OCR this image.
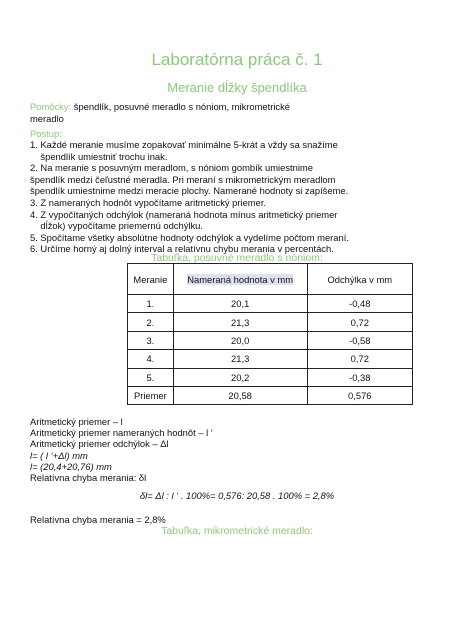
Laboratórna práca č. 1
Meranie dĺžky špendlíka
Pomôcky: špendlík, posuvné meradlo s nóniom, mikrometrické
meradlo
Postup:
1. Každé meranie musíme zopakovať minimálne 5-krát a vždy sa snažíme
špendlík umiestniť trochu inak.
2. Na meranie s posuvným meradlom, s nóniom gombík umiestnime
špendlík medzi čeľustné meradla. Pri meraní s mikrometrickým meradlom
špendlík umiestnime medzi meracie plochy. Namerané hodnoty si zapíšeme.
3. Z nameraných hodnôt vypočítame aritmetický priemer.
4. Z vypočítaných odchýlok (nameraná hodnota mínus aritmetický priemer
dĺžok) vypočítame priemernú odchýlku.
5. Spočítame všetky absolútne hodnoty odchýlok a vydelíme počtom meraní.
6. Určíme horný aj dolný interval a relatívnu chybu merania v percentách.
Tabuľka, posuvné meradlo s nóniom:
Meranie	Nameraná hodnota v mm	Odchýlka v mm
1.	20,1	-0,48
2.	21,3	0,72
3.	20,0	-0,58
4.	21,3	0,72
5.	20,2	-0,38
Priemer	20,58	0,576

Aritmetický priemer – l

Aritmetický priemer nameraných hodnôt – l ‘

Aritmetický priemer odchýlok – Δl

l= ( l ‘+Δl) mm

l= (20,4+20,76) mm

Relatívna chyba merania: δl

δl= Δl : l ‘ . 100%= 0,576: 20,58 . 100% = 2,8%
Relatívna chyba merania = 2,8%
Tabuľka, mikrometrické meradlo:
